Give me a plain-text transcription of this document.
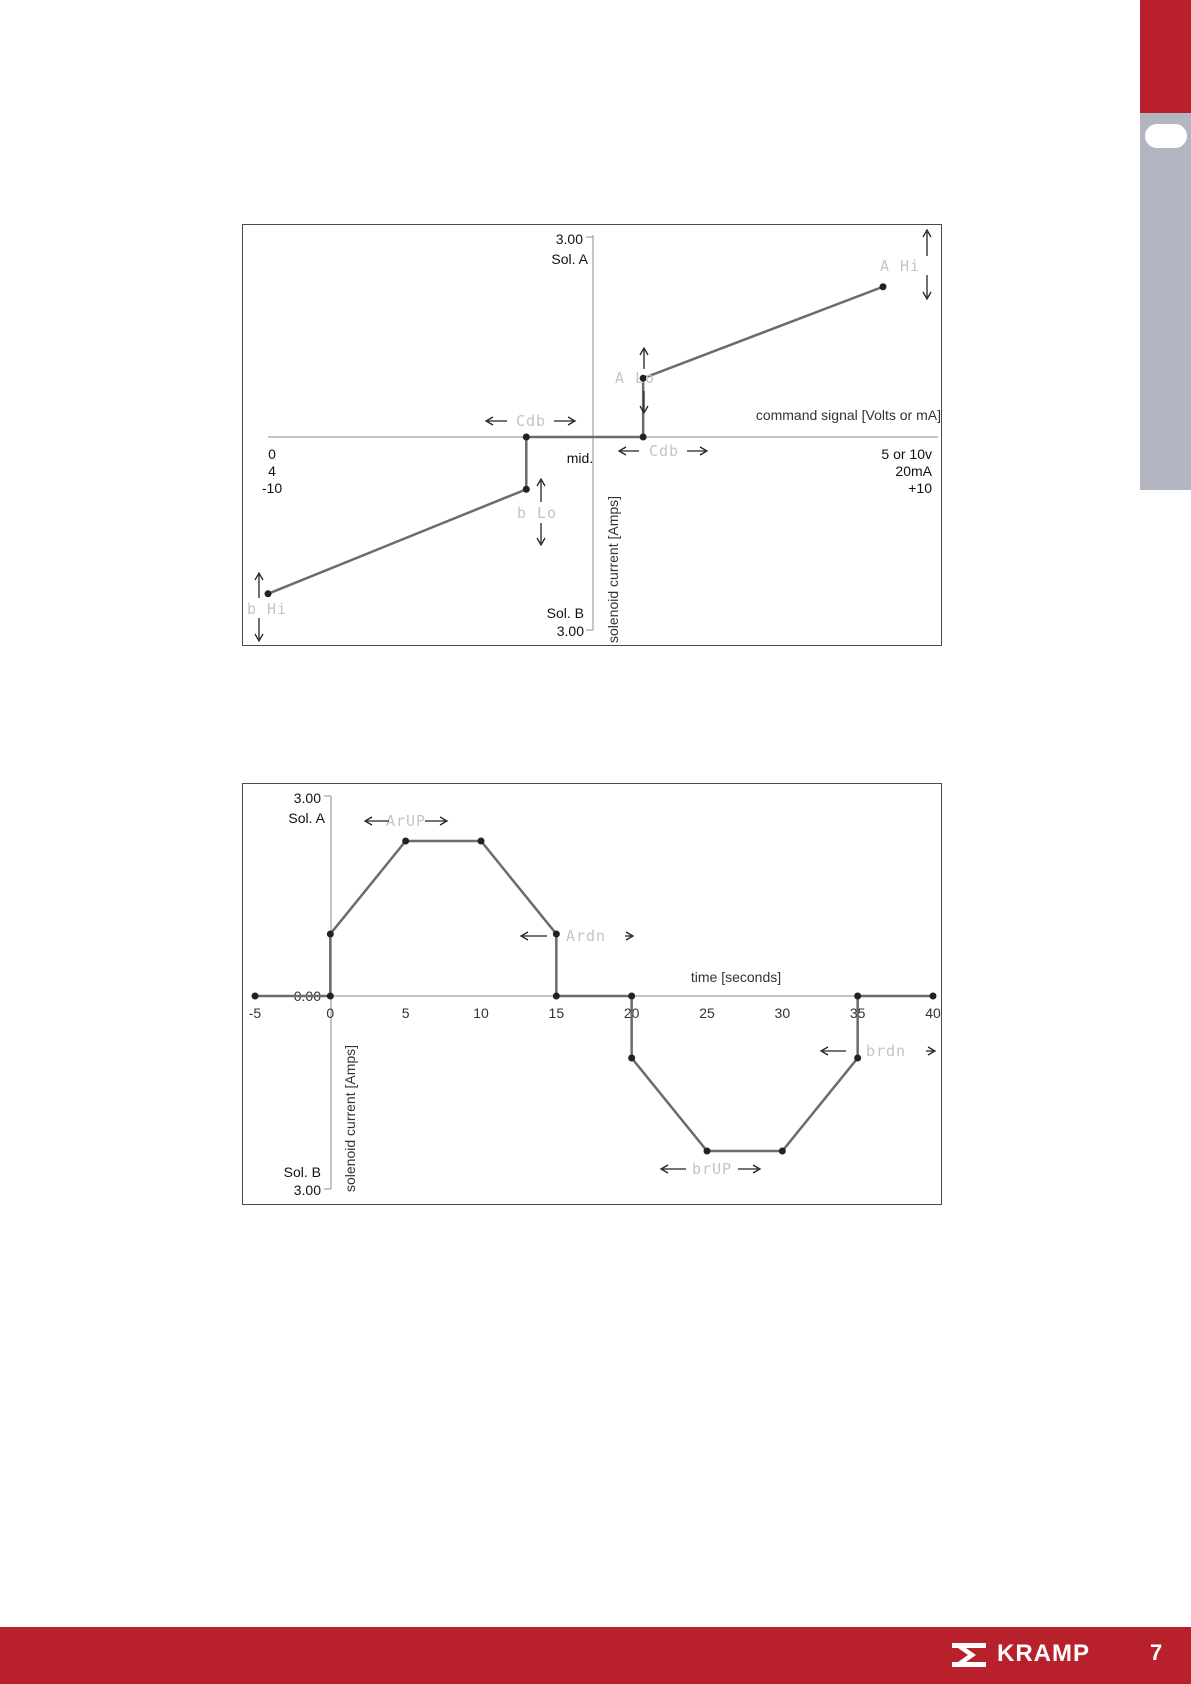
3.00
Sol. A
Sol. B
3.00 solenoid current [Amps]
command signal [Volts or mA]
0
4
-10
mid.	5 or 10v
20mA
+10
A Hi
A Lo
Cdb
Cdb
b Lo
b Hi
3.00
Sol. A
0.00
Sol. B
3.00 solenoid current [Amps]
time [seconds]
-5	0	5	10	15	20	25	30	35	40
ArUP
Ardn
brUP
brdn
KRAMP	7
